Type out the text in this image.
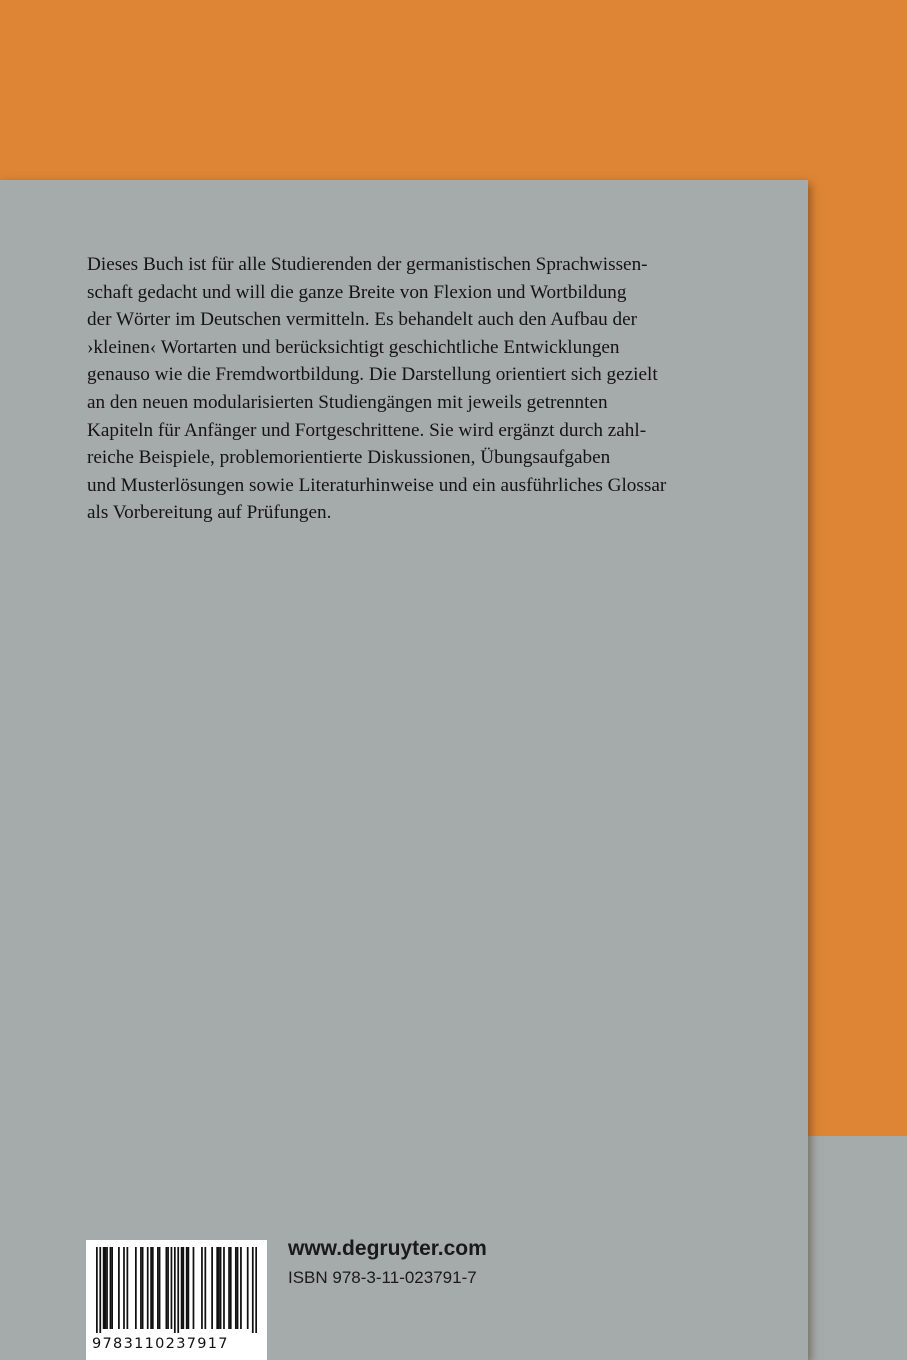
Dieses Buch ist für alle Studierenden der germanistischen Sprachwissen-
schaft gedacht und will die ganze Breite von Flexion und Wortbildung
der Wörter im Deutschen vermitteln. Es behandelt auch den Aufbau der
›kleinen‹ Wortarten und berücksichtigt geschichtliche Entwicklungen
genauso wie die Fremdwortbildung. Die Darstellung orientiert sich gezielt
an den neuen modularisierten Studiengängen mit jeweils getrennten
Kapiteln für Anfänger und Fortgeschrittene. Sie wird ergänzt durch zahl-
reiche Beispiele, problemorientierte Diskussionen, Übungsaufgaben
und Musterlösungen sowie Literaturhinweise und ein ausführliches Glossar
als Vorbereitung auf Prüfungen.

9783110237917
www.degruyter.com
ISBN 978-3-11-023791-7
